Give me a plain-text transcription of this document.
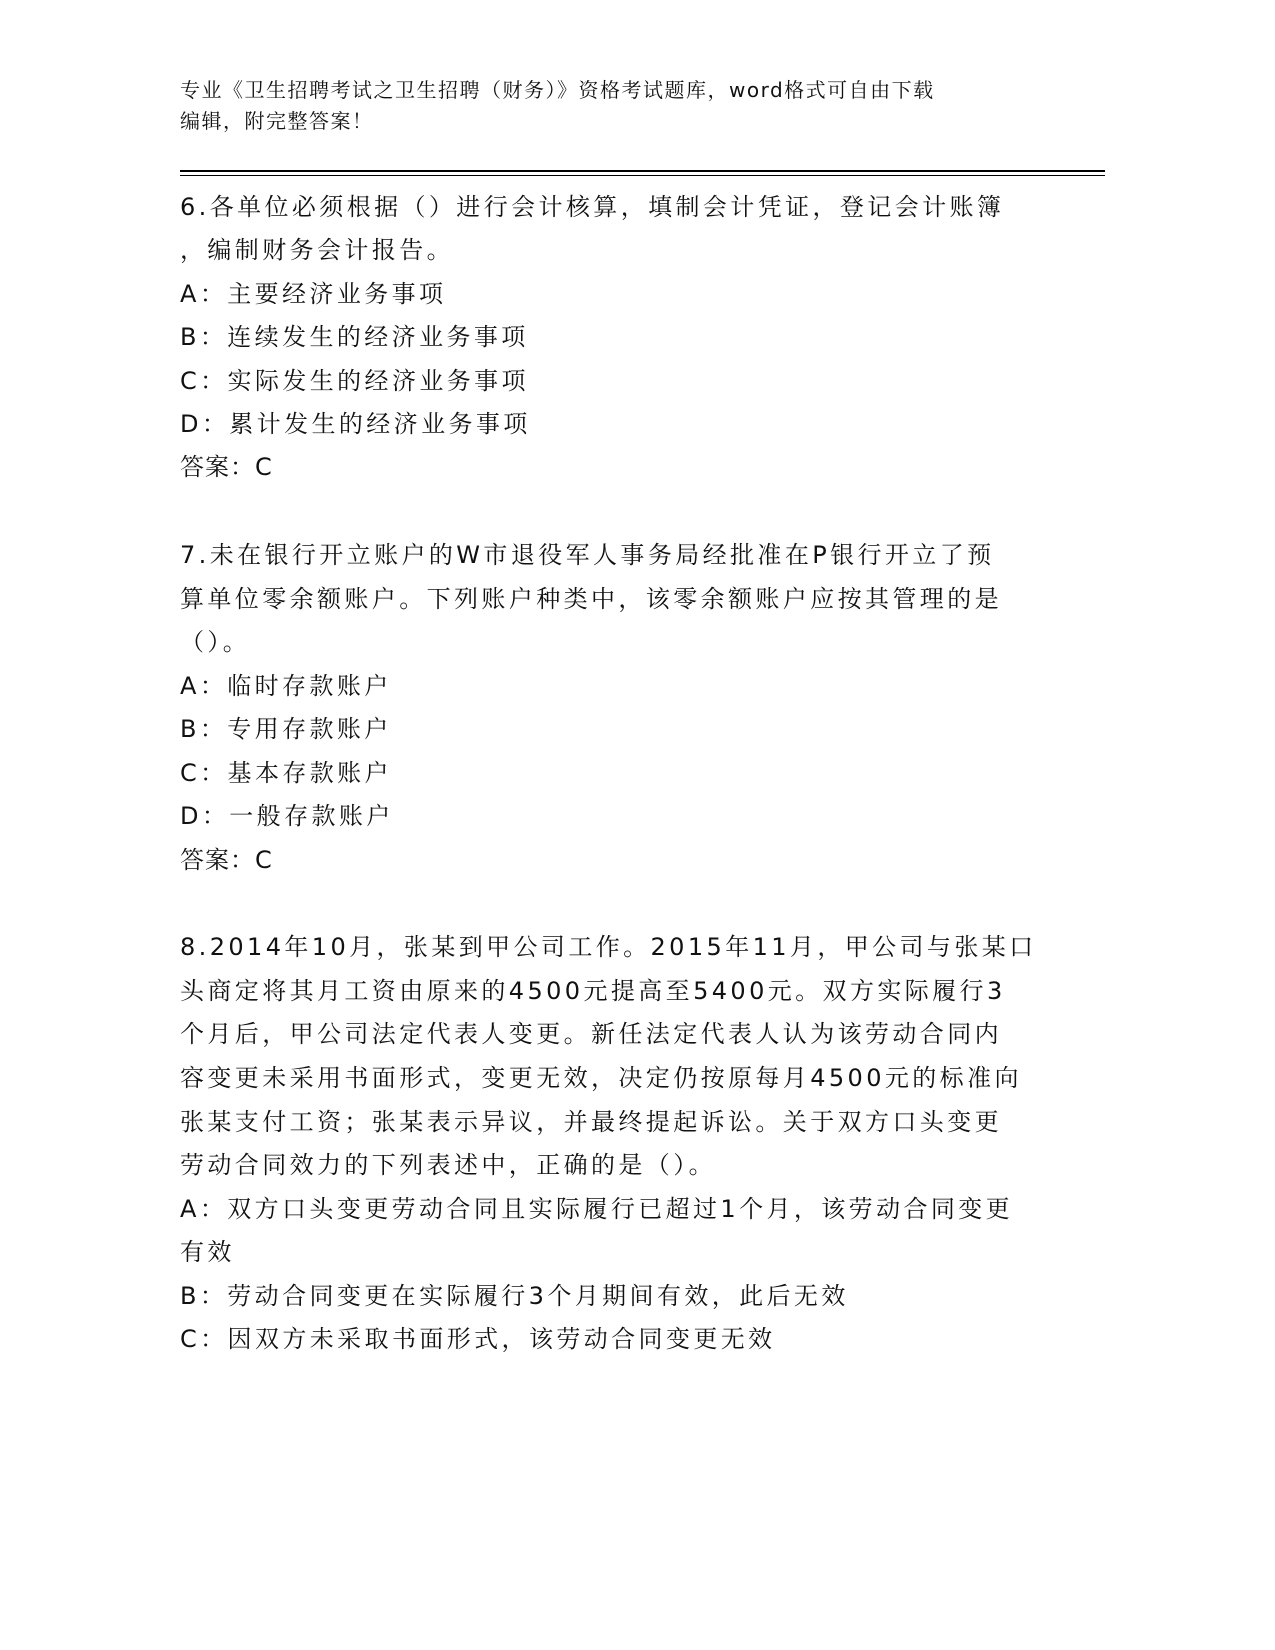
专业《卫生招聘考试之卫生招聘（财务）》资格考试题库，word格式可自由下载
编辑，附完整答案！
6.各单位必须根据（）进行会计核算，填制会计凭证，登记会计账簿
，编制财务会计报告。
A：主要经济业务事项
B：连续发生的经济业务事项
C：实际发生的经济业务事项
D：累计发生的经济业务事项
答案：C
7.未在银行开立账户的W市退役军人事务局经批准在P银行开立了预
算单位零余额账户。下列账户种类中，该零余额账户应按其管理的是
（）。
A：临时存款账户
B：专用存款账户
C：基本存款账户
D：一般存款账户
答案：C
8.2014年10月，张某到甲公司工作。2015年11月，甲公司与张某口
头商定将其月工资由原来的4500元提高至5400元。双方实际履行3
个月后，甲公司法定代表人变更。新任法定代表人认为该劳动合同内
容变更未采用书面形式，变更无效，决定仍按原每月4500元的标准向
张某支付工资；张某表示异议，并最终提起诉讼。关于双方口头变更
劳动合同效力的下列表述中，正确的是（）。
A：双方口头变更劳动合同且实际履行已超过1个月，该劳动合同变更
有效
B：劳动合同变更在实际履行3个月期间有效，此后无效
C：因双方未采取书面形式，该劳动合同变更无效
